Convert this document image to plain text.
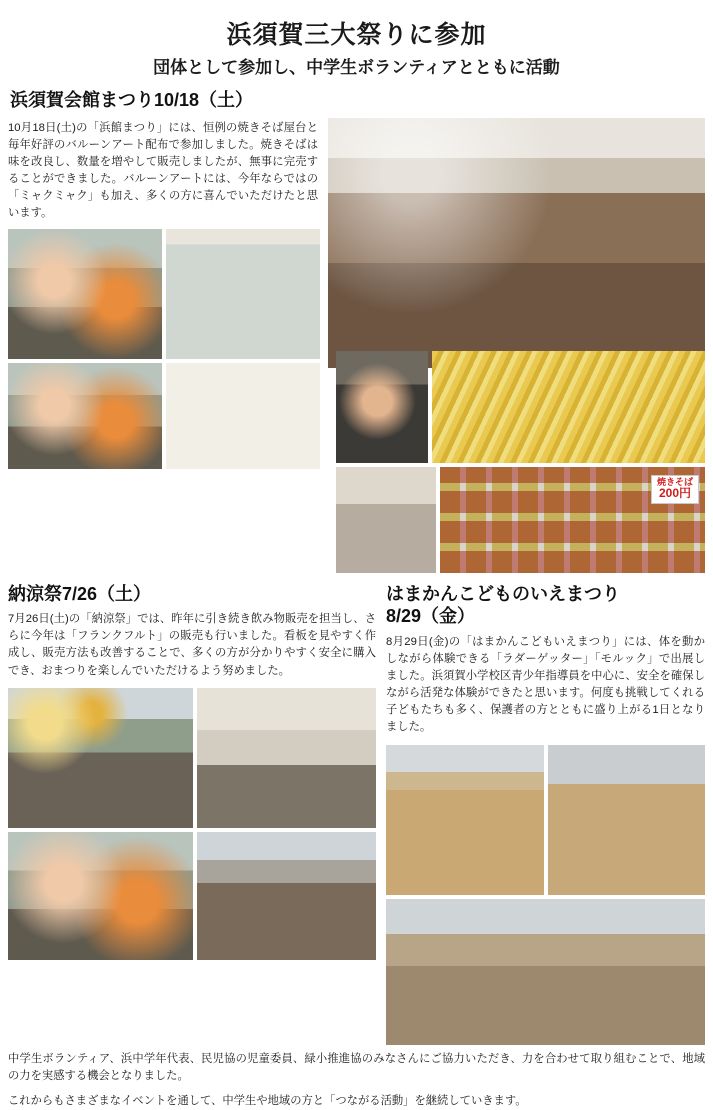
浜須賀三大祭りに参加
団体として参加し、中学生ボランティアとともに活動
浜須賀会館まつり10/18（土）
10月18日(土)の「浜館まつり」には、恒例の焼きそば屋台と毎年好評のバルーンアート配布で参加しました。焼きそばは味を改良し、数量を増やして販売しましたが、無事に完売することができました。バルーンアートには、今年ならではの「ミャクミャク」も加え、多くの方に喜んでいただけたと思います。
焼きそば
200円
納涼祭7/26（土）
7月26日(土)の「納涼祭」では、昨年に引き続き飲み物販売を担当し、さらに今年は「フランクフルト」の販売も行いました。看板を見やすく作成し、販売方法も改善することで、多くの方が分かりやすく安全に購入でき、おまつりを楽しんでいただけるよう努めました。
はまかんこどものいえまつり
8/29（金）
8月29日(金)の「はまかんこどもいえまつり」には、体を動かしながら体験できる「ラダーゲッター」「モルック」で出展しました。浜須賀小学校区青少年指導員を中心に、安全を確保しながら活発な体験ができたと思います。何度も挑戦してくれる子どもたちも多く、保護者の方とともに盛り上がる1日となりました。

中学生ボランティア、浜中学年代表、民児協の児童委員、緑小推進協のみなさんにご協力いただき、力を合わせて取り組むことで、地域の力を実感する機会となりました。

これからもさまざまなイベントを通して、中学生や地域の方と「つながる活動」を継続していきます。
